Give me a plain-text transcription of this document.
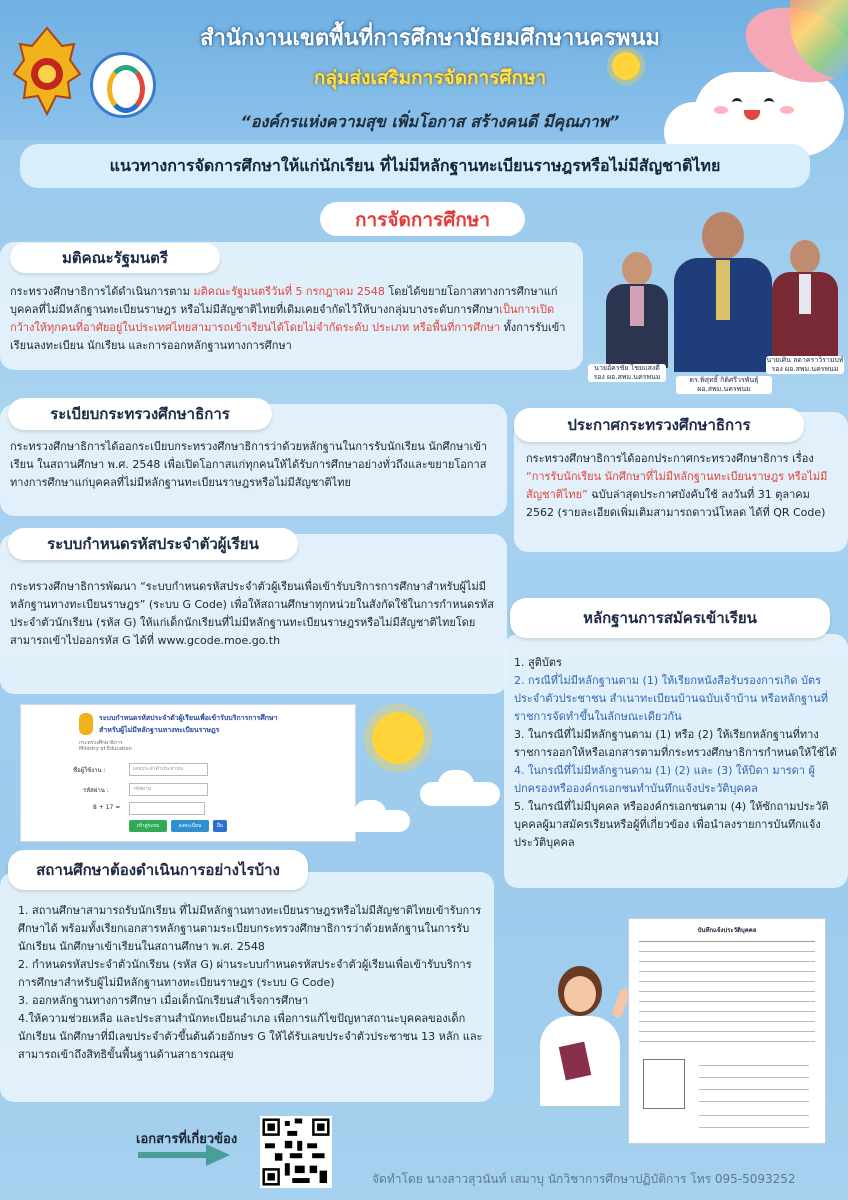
สำนักงานเขตพื้นที่การศึกษามัธยมศึกษานครพนม
กลุ่มส่งเสริมการจัดการศึกษา
“องค์กรแห่งความสุข เพิ่มโอกาส สร้างคนดี มีคุณภาพ”
แนวทางการจัดการศึกษาให้แก่นักเรียน ที่ไม่มีหลักฐานทะเบียนราษฎรหรือไม่มีสัญชาติไทย
การจัดการศึกษา
มติคณะรัฐมนตรี
กระทรวงศึกษาธิการได้ดำเนินการตาม มติคณะรัฐมนตรีวันที่ 5 กรกฎาคม 2548 โดยได้ขยายโอกาสทางการศึกษาแก่บุคคลที่ไม่มีหลักฐานทะเบียนราษฎร หรือไม่มีสัญชาติไทยที่เดิมเคยจำกัดไว้ให้บางกลุ่มบางระดับการศึกษาเป็นการเปิดกว้างให้ทุกคนที่อาศัยอยู่ในประเทศไทยสามารถเข้าเรียนได้โดยไม่จำกัดระดับ ประเภท หรือพื้นที่การศึกษา ทั้งการรับเข้าเรียนลงทะเบียน นักเรียน และการออกหลักฐานทางการศึกษา
นายอัครชัย ไชยแสงดี
รอง ผอ.สพม.นครพนม	ดร.พิสุทธิ์ กิติศรีวรพันธุ์
ผอ.สพม.นครพนม
นายเศิน ลดาคราวิรามบท์
รอง ผอ.สพม.นครพนม
ระเบียบกระทรวงศึกษาธิการ
กระทรวงศึกษาธิการได้ออกระเบียบกระทรวงศึกษาธิการว่าด้วยหลักฐานในการรับนักเรียน นักศึกษาเข้าเรียน ในสถานศึกษา พ.ศ. 2548 เพื่อเปิดโอกาสแก่ทุกคนให้ได้รับการศึกษาอย่างทั่วถึงและขยายโอกาสทางการศึกษาแก่บุคคลที่ไม่มีหลักฐานทะเบียนราษฎรหรือไม่มีสัญชาติไทย
ประกาศกระทรวงศึกษาธิการ
กระทรวงศึกษาธิการได้ออกประกาศกระทรวงศึกษาธิการ เรื่อง “การรับนักเรียน นักศึกษาที่ไม่มีหลักฐานทะเบียนราษฎร หรือไม่มีสัญชาติไทย” ฉบับล่าสุดประกาศบังคับใช้ ลงวันที่ 31 ตุลาคม 2562 (รายละเอียดเพิ่มเติมสามารถดาวน์โหลด ได้ที่ QR Code)
ระบบกำหนดรหัสประจำตัวผู้เรียน
กระทรวงศึกษาธิการพัฒนา “ระบบกำหนดรหัสประจำตัวผู้เรียนเพื่อเข้ารับบริการการศึกษาสำหรับผู้ไม่มีหลักฐานทางทะเบียนราษฎร” (ระบบ G Code) เพื่อให้สถานศึกษาทุกหน่วยในสังกัดใช้ในการกำหนดรหัสประจำตัวนักเรียน (รหัส G) ให้แก่เด็กนักเรียนที่ไม่มีหลักฐานทะเบียนราษฎรหรือไม่มีสัญชาติไทยโดยสามารถเข้าไปออกรหัส G ได้ที่ www.gcode.moe.go.th
ระบบกำหนดรหัสประจำตัวผู้เรียนเพื่อเข้ารับบริการการศึกษา
สำหรับผู้ไม่มีหลักฐานทางทะเบียนราษฎร
กระทรวงศึกษาธิการ
Ministry of Education
ชื่อผู้ใช้งาน :	เลขประจำตัวประชาชน
รหัสผ่าน :	รหัสผ่าน
8 + 17 =
เข้าสู่ระบบ	ลงทะเบียน	ลืม
หลักฐานการสมัครเข้าเรียน
1. สูติบัตร
2. กรณีที่ไม่มีหลักฐานตาม (1) ให้เรียกหนังสือรับรองการเกิด บัตรประจำตัวประชาชน สำเนาทะเบียนบ้านฉบับเจ้าบ้าน หรือหลักฐานที่ราชการจัดทำขึ้นในลักษณะเดียวกัน
3. ในกรณีที่ไม่มีหลักฐานตาม (1) หรือ (2) ให้เรียกหลักฐานที่ทางราชการออกให้หรือเอกสารตามที่กระทรวงศึกษาธิการกำหนดให้ใช้ได้
4. ในกรณีที่ไม่มีหลักฐานตาม (1) (2) และ (3) ให้บิดา มารดา ผู้ปกครองหรือองค์กรเอกชนทำบันทึกแจ้งประวัติบุคคล
5. ในกรณีที่ไม่มีบุคคล หรือองค์กรเอกชนตาม (4) ให้ซักถามประวัติบุคคลผู้มาสมัครเรียนหรือผู้ที่เกี่ยวข้อง เพื่อนำลงรายการบันทึกแจ้งประวัติบุคคล
สถานศึกษาต้องดำเนินการอย่างไรบ้าง
1. สถานศึกษาสามารถรับนักเรียน ที่ไม่มีหลักฐานทางทะเบียนราษฎรหรือไม่มีสัญชาติไทยเข้ารับการศึกษาได้ พร้อมทั้งเรียกเอกสารหลักฐานตามระเบียบกระทรวงศึกษาธิการว่าด้วยหลักฐานในการรับนักเรียน นักศึกษาเข้าเรียนในสถานศึกษา พ.ศ. 2548
2. กำหนดรหัสประจำตัวนักเรียน (รหัส G) ผ่านระบบกำหนดรหัสประจำตัวผู้เรียนเพื่อเข้ารับบริการการศึกษาสำหรับผู้ไม่มีหลักฐานทางทะเบียนราษฎร (ระบบ G Code)
3. ออกหลักฐานทางการศึกษา เมื่อเด็กนักเรียนสำเร็จการศึกษา
4.ให้ความช่วยเหลือ และประสานสำนักทะเบียนอำเภอ เพื่อการแก้ไขปัญหาสถานะบุคคลของเด็กนักเรียน นักศึกษาที่มีเลขประจำตัวขึ้นต้นด้วยอักษร G ให้ได้รับเลขประจำตัวประชาชน 13 หลัก และสามารถเข้าถึงสิทธิขั้นพื้นฐานด้านสาธารณสุข
บันทึกแจ้งประวัติบุคคล
เอกสารที่เกี่ยวข้อง
จัดทำโดย นางสาวสุวนันท์ เสมาบุ นักวิชาการศึกษาปฏิบัติการ โทร 095-5093252
